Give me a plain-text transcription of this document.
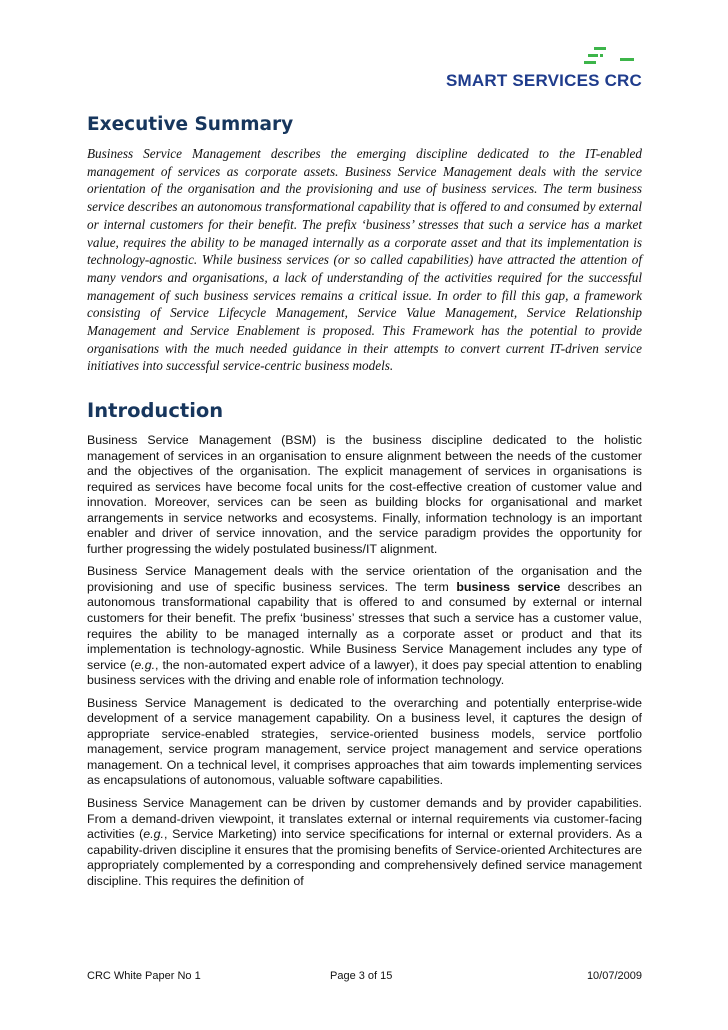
SMART SERVICES CRC
Executive Summary

Business Service Management describes the emerging discipline dedicated to the IT-enabled management of services as corporate assets. Business Service Management deals with the service orientation of the organisation and the provisioning and use of business services. The term business service describes an autonomous transformational capability that is offered to and consumed by external or internal customers for their benefit. The prefix ‘business’ stresses that such a service has a market value, requires the ability to be managed internally as a corporate asset and that its implementation is technology-agnostic. While business services (or so called capabilities) have attracted the attention of many vendors and organisations, a lack of understanding of the activities required for the successful management of such business services remains a critical issue. In order to fill this gap, a framework consisting of Service Lifecycle Management, Service Value Management, Service Relationship Management and Service Enablement is proposed. This Framework has the potential to provide organisations with the much needed guidance in their attempts to convert current IT-driven service initiatives into successful service-centric business models.

Introduction

Business Service Management (BSM) is the business discipline dedicated to the holistic management of services in an organisation to ensure alignment between the needs of the customer and the objectives of the organisation. The explicit management of services in organisations is required as services have become focal units for the cost-effective creation of customer value and innovation. Moreover, services can be seen as building blocks for organisational and market arrangements in service networks and ecosystems. Finally, information technology is an important enabler and driver of service innovation, and the service paradigm provides the opportunity for further progressing the widely postulated business/IT alignment.

Business Service Management deals with the service orientation of the organisation and the provisioning and use of specific business services. The term business service describes an autonomous transformational capability that is offered to and consumed by external or internal customers for their benefit. The prefix ‘business’ stresses that such a service has a customer value, requires the ability to be managed internally as a corporate asset or product and that its implementation is technology-agnostic. While Business Service Management includes any type of service (e.g., the non-automated expert advice of a lawyer), it does pay special attention to enabling business services with the driving and enable role of information technology.

Business Service Management is dedicated to the overarching and potentially enterprise-wide development of a service management capability. On a business level, it captures the design of appropriate service-enabled strategies, service-oriented business models, service portfolio management, service program management, service project management and service operations management. On a technical level, it comprises approaches that aim towards implementing services as encapsulations of autonomous, valuable software capabilities.

Business Service Management can be driven by customer demands and by provider capabilities. From a demand-driven viewpoint, it translates external or internal requirements via customer-facing activities (e.g., Service Marketing) into service specifications for internal or external providers. As a capability-driven discipline it ensures that the promising benefits of Service-oriented Architectures are appropriately complemented by a corresponding and comprehensively defined service management discipline. This requires the definition of

CRC White Paper No 1	Page 3 of 15	10/07/2009
